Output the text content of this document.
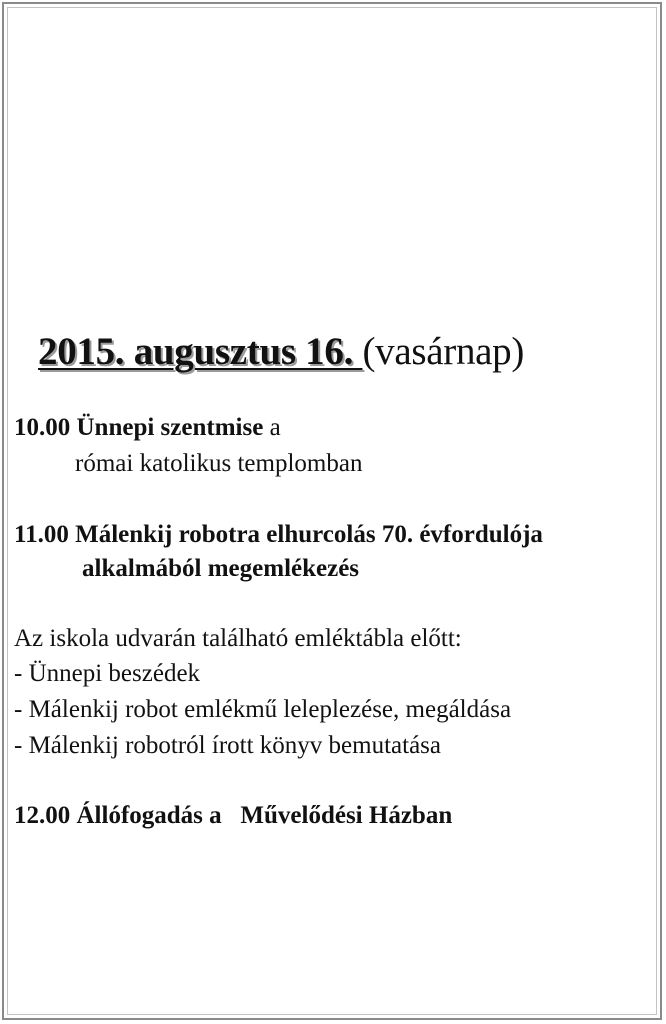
2015. augusztus 16. (vasárnap)
10.00 Ünnepi szentmise a
római katolikus templomban
11.00 Málenkij robotra elhurcolás 70. évfordulója
alkalmából megemlékezés
Az iskola udvarán található emléktábla előtt:
- Ünnepi beszédek
- Málenkij robot emlékmű leleplezése, megáldása
- Málenkij robotról írott könyv bemutatása
12.00 Állófogadás a   Művelődési Házban
